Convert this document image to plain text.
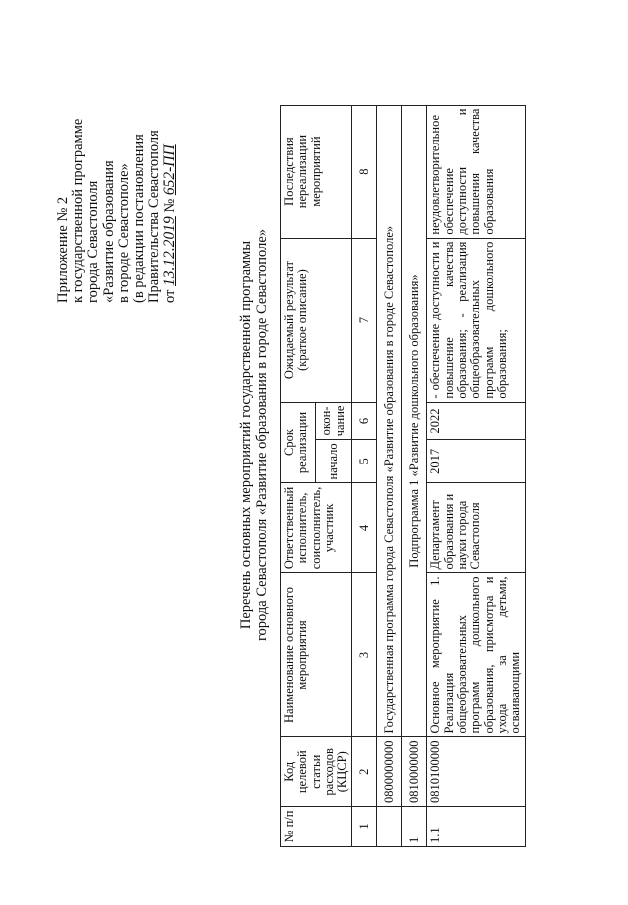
Приложение № 2 к государственной программе города Севастополя «Развитие образования в городе Севастополе» (в редакции постановления Правительства Севастополя от 13.12.2019 № 652-ПП
Перечень основных мероприятий государственной программы города Севастополя «Развитие образования в городе Севастополе»
№ п/п	Код целевой статьи расходов (КЦСР)	Наименование основного мероприятия	Ответственный исполнитель, соисполнитель, участник	Срок реализации		Ожидаемый результат (краткое описание)	Последствия нереализации мероприятий
				начало	окон-чание		
1	2	3	4	5	6	7	8
	0800000000	Государственная программа города Севастополя «Развитие образования в городе Севастополе»					
1	0810000000	Подпрограмма 1 «Развитие дошкольного образования»					
1.1	0810100000	Основное мероприятие 1. Реализация общеобразовательных программ дошкольного образования, присмотра и ухода за детьми, осваивающими	Департамент образования и науки города Севастополя	2017	2022	- обеспечение доступности и повышение качества образования; - реализация общеобразовательных программ дошкольного образования;	неудовлетворительное обеспечение доступности и повышения качества образования
